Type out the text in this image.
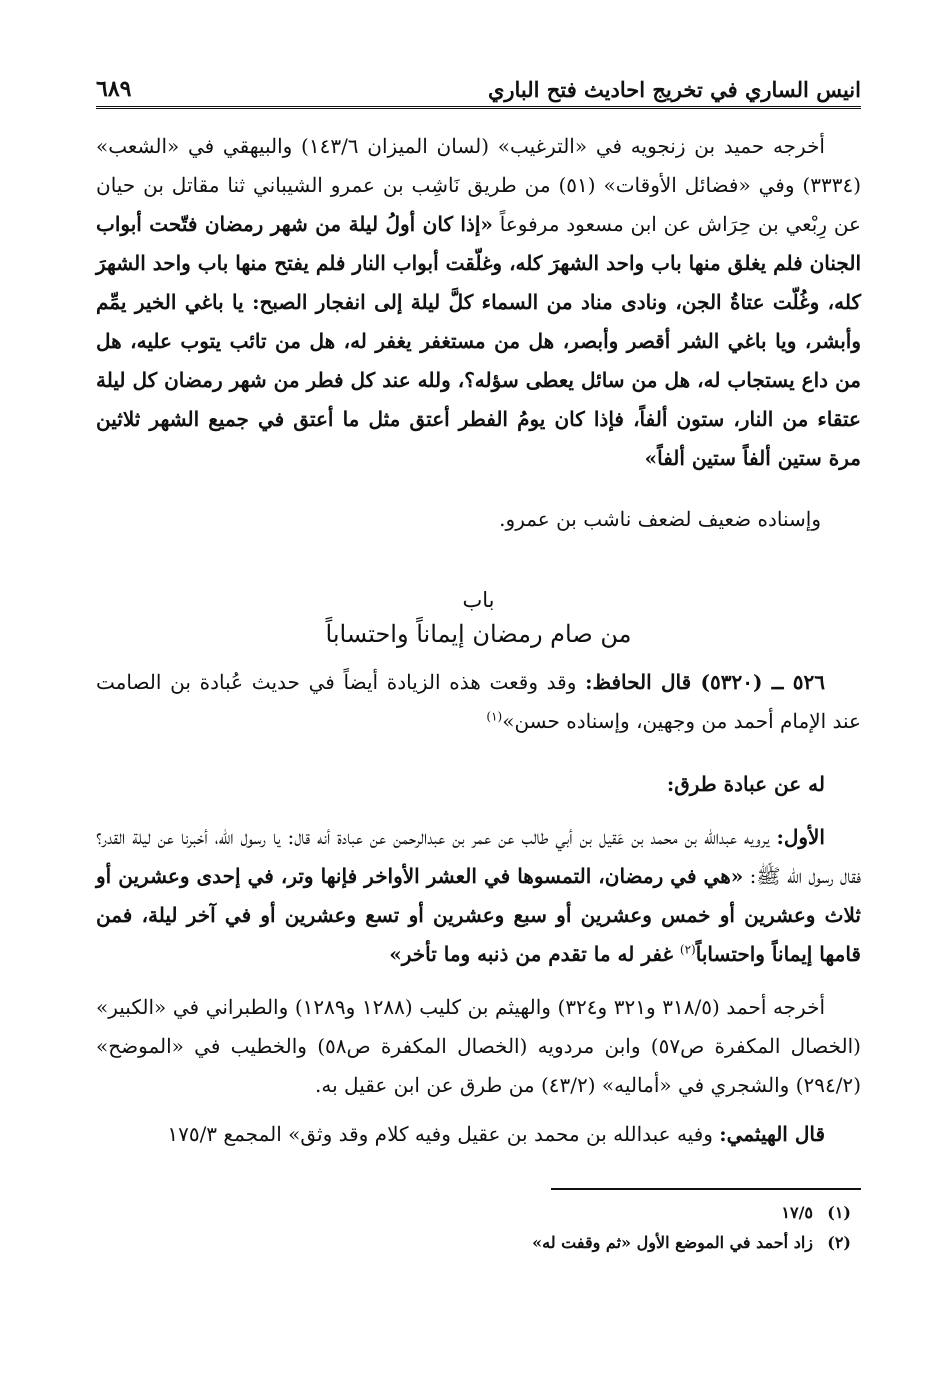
انيس الساري في تخريج احاديث فتح الباري
٦٨٩

أخرجه حميد بن زنجويه في «الترغيب» (لسان الميزان ١٤٣/٦) والبيهقي في «الشعب» (٣٣٣٤) وفي «فضائل الأوقات» (٥١) من طريق نَاشِب بن عمرو الشيباني ثنا مقاتل بن حيان عن رِبْعي بن حِرَاش عن ابن مسعود مرفوعاً «إذا كان أولُ ليلة من شهر رمضان فتّحت أبواب الجنان فلم يغلق منها باب واحد الشهرَ كله، وغلّقت أبواب النار فلم يفتح منها باب واحد الشهرَ كله، وغُلّت عتاةُ الجن، ونادى مناد من السماء كلَّ ليلة إلى انفجار الصبح: يا باغي الخير يمِّم وأبشر، ويا باغي الشر أقصر وأبصر، هل من مستغفر يغفر له، هل من تائب يتوب عليه، هل من داع يستجاب له، هل من سائل يعطى سؤله؟، ولله عند كل فطر من شهر رمضان كل ليلة عتقاء من النار، ستون ألفاً، فإذا كان يومُ الفطر أعتق مثل ما أعتق في جميع الشهر ثلاثين مرة ستين ألفاً ستين ألفاً»

وإسناده ضعيف لضعف ناشب بن عمرو.

باب
من صام رمضان إيماناً واحتساباً

٥٢٦ ــ (٥٣٢٠) قال الحافظ: وقد وقعت هذه الزيادة أيضاً في حديث عُبادة بن الصامت عند الإمام أحمد من وجهين، وإسناده حسن»$^{(١)}$

له عن عبادة طرق:

الأول: يرويه عبدالله بن محمد بن عَقيل بن أبي طالب عن عمر بن عبدالرحمن عن عبادة أنه قال: يا رسول الله، أخبرنا عن ليلة القدر؟ فقال رسول الله ﷺ: «هي في رمضان، التمسوها في العشر الأواخر فإنها وتر، في إحدى وعشرين أو ثلاث وعشرين أو خمس وعشرين أو سبع وعشرين أو تسع وعشرين أو في آخر ليلة، فمن قامها إيماناً واحتساباً$^{(٢)}$ غفر له ما تقدم من ذنبه وما تأخر»

أخرجه أحمد (٣١٨/٥ و٣٢١ و٣٢٤) والهيثم بن كليب (١٢٨٨ و١٢٨٩) والطبراني في «الكبير» (الخصال المكفرة ص٥٧) وابن مردويه (الخصال المكفرة ص٥٨) والخطيب في «الموضح» (٢٩٤/٢) والشجري في «أماليه» (٤٣/٢) من طرق عن ابن عقيل به.

قال الهيثمي: وفيه عبدالله بن محمد بن عقيل وفيه كلام وقد وثق» المجمع ١٧٥/٣

(١)١٧/٥
(٢)زاد أحمد في الموضع الأول «ثم وقفت له»
